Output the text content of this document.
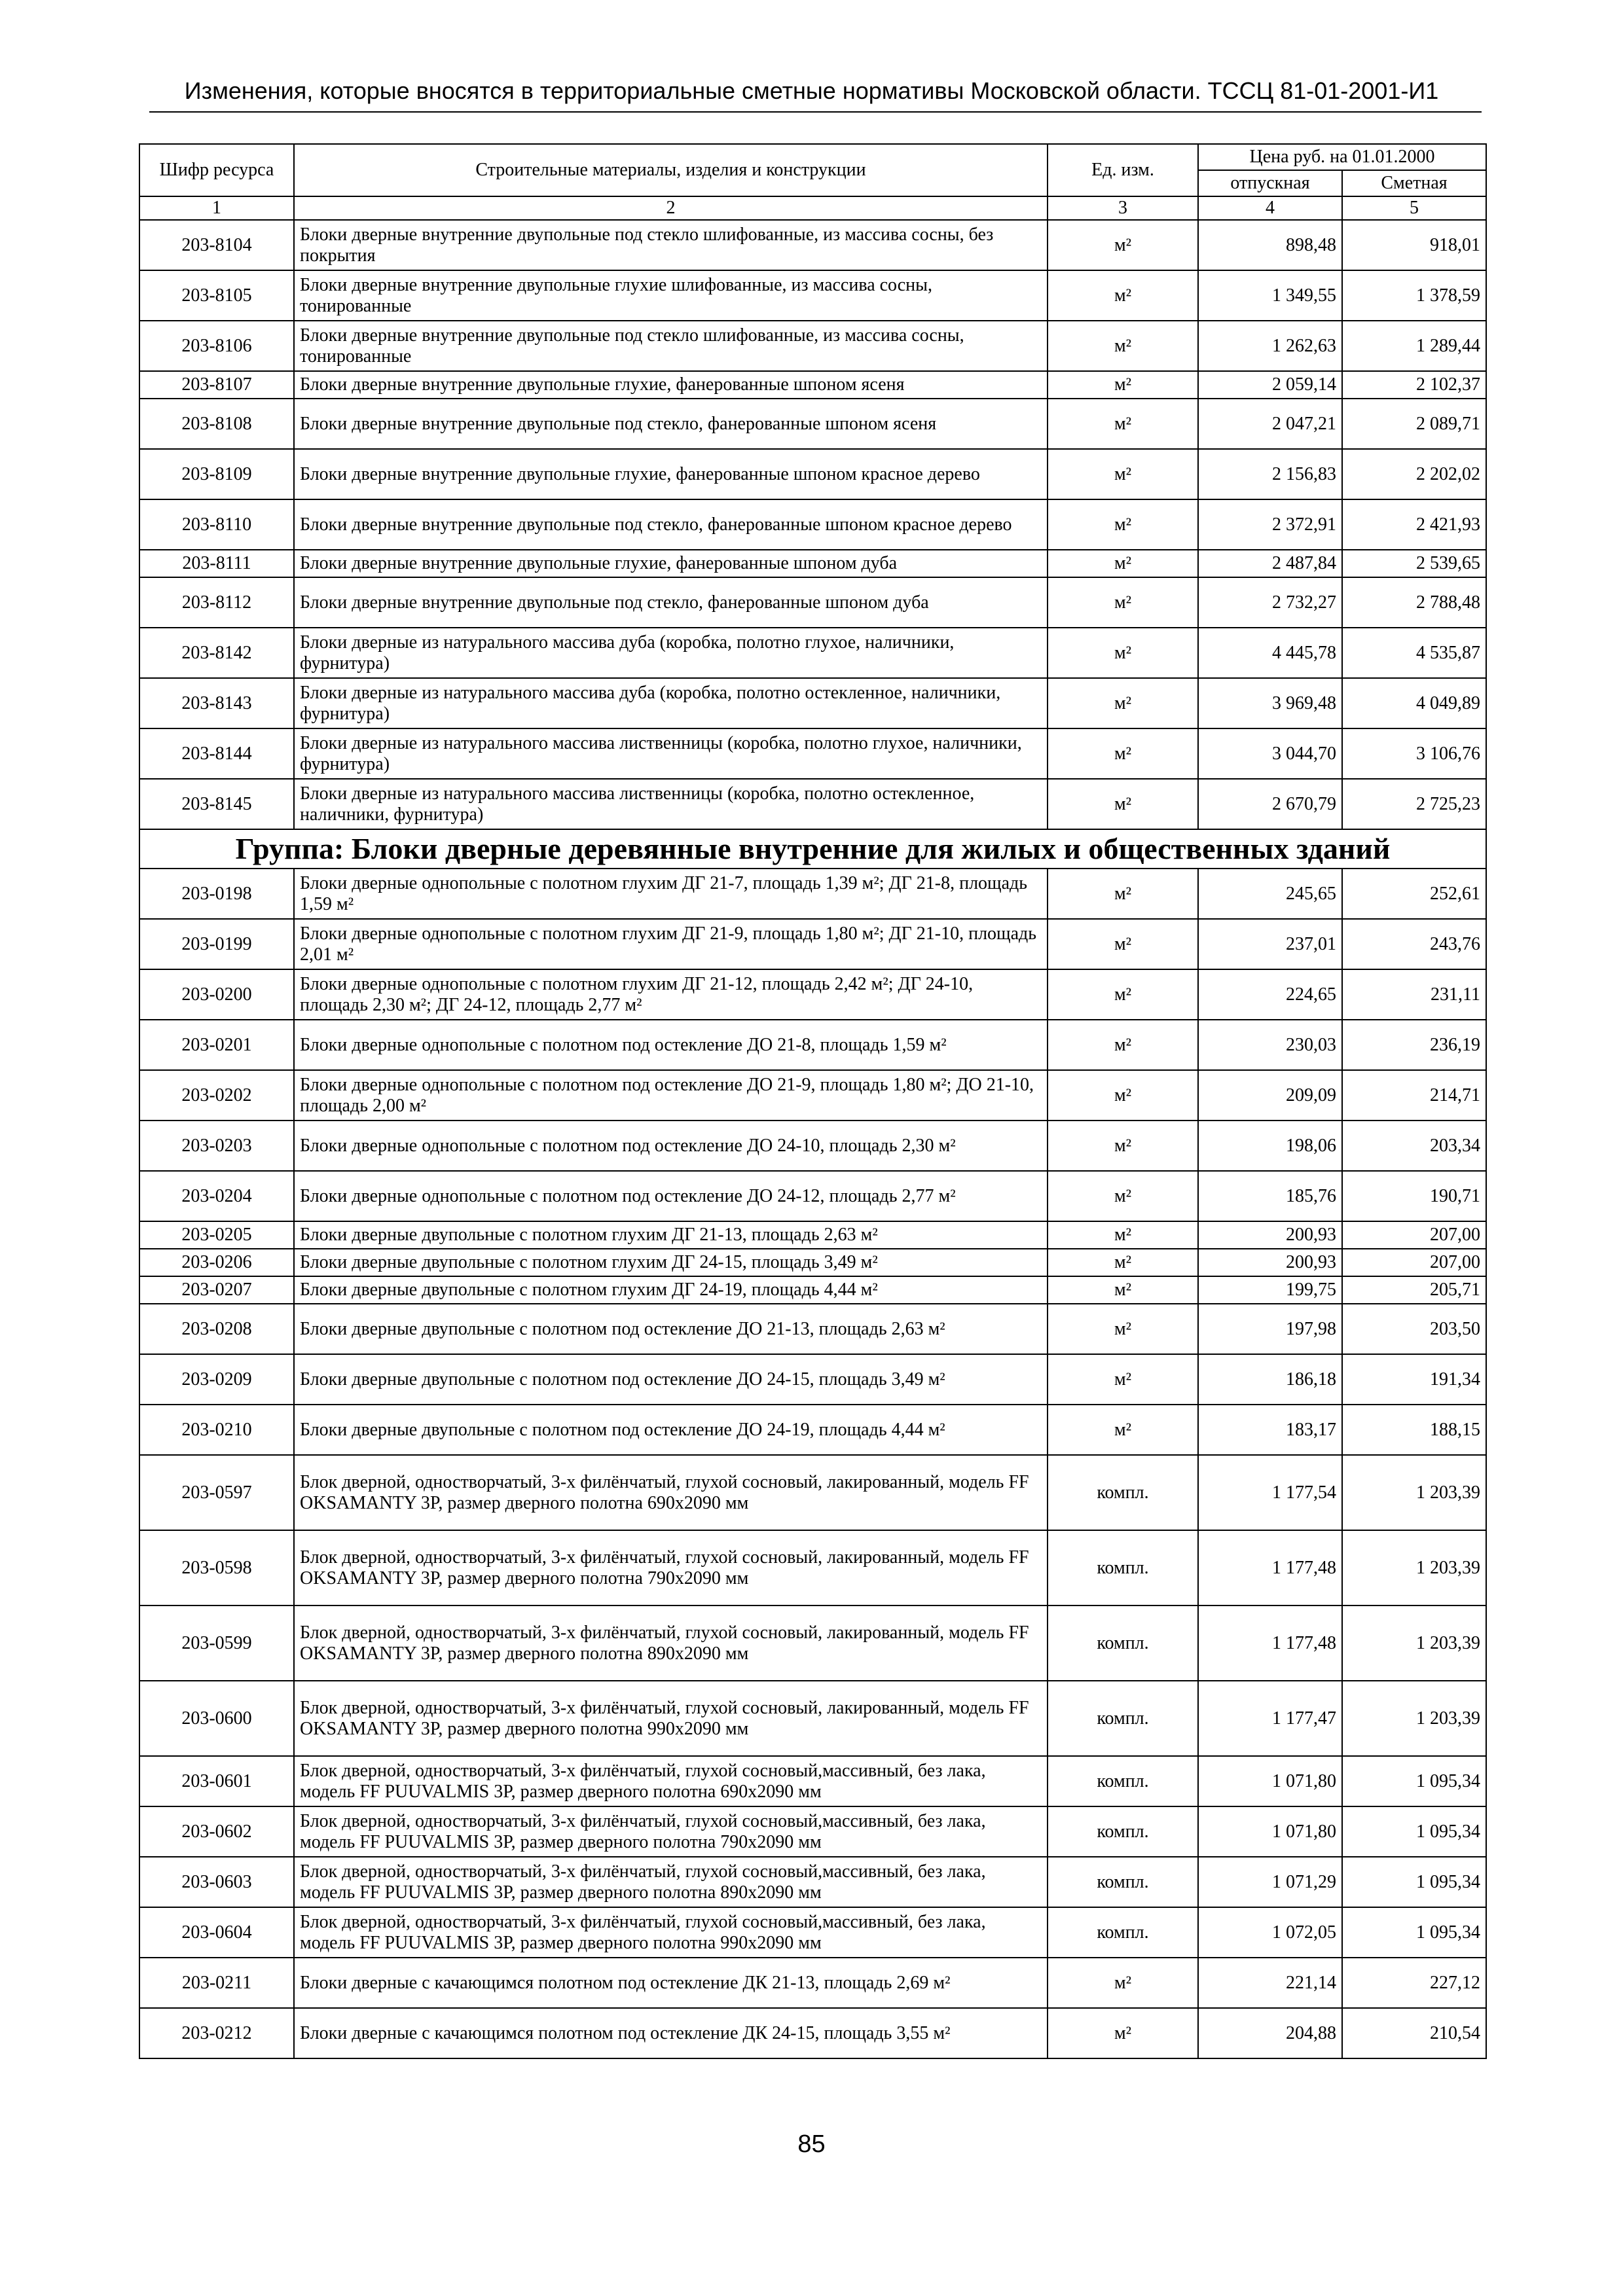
Изменения, которые вносятся в территориальные сметные нормативы Московской области. ТССЦ 81-01-2001-И1
Шифр ресурса	Строительные материалы, изделия и конструкции	Ед. изм.	Цена руб. на 01.01.2000	
			отпускная	Сметная
1	2	3	4	5
203-8104	Блоки дверные внутренние двупольные под стекло шлифованные, из массива сосны, без покрытия	м²	898,48	918,01
203-8105	Блоки дверные внутренние двупольные глухие шлифованные, из массива сосны, тонированные	м²	1 349,55	1 378,59
203-8106	Блоки дверные внутренние двупольные под стекло шлифованные, из массива сосны, тонированные	м²	1 262,63	1 289,44
203-8107	Блоки дверные внутренние двупольные глухие, фанерованные шпоном ясеня	м²	2 059,14	2 102,37
203-8108	Блоки дверные внутренние двупольные под стекло, фанерованные шпоном ясеня	м²	2 047,21	2 089,71
203-8109	Блоки дверные внутренние двупольные глухие, фанерованные шпоном красное дерево	м²	2 156,83	2 202,02
203-8110	Блоки дверные внутренние двупольные под стекло, фанерованные шпоном красное дерево	м²	2 372,91	2 421,93
203-8111	Блоки дверные внутренние двупольные глухие, фанерованные шпоном дуба	м²	2 487,84	2 539,65
203-8112	Блоки дверные внутренние двупольные под стекло, фанерованные шпоном дуба	м²	2 732,27	2 788,48
203-8142	Блоки дверные из натурального массива дуба (коробка, полотно глухое, наличники, фурнитура)	м²	4 445,78	4 535,87
203-8143	Блоки дверные из натурального массива дуба (коробка, полотно остекленное, наличники, фурнитура)	м²	3 969,48	4 049,89
203-8144	Блоки дверные из натурального массива лиственницы (коробка, полотно глухое, наличники, фурнитура)	м²	3 044,70	3 106,76
203-8145	Блоки дверные из натурального массива лиственницы (коробка, полотно остекленное, наличники, фурнитура)	м²	2 670,79	2 725,23
Группа: Блоки дверные деревянные внутренние для жилых и общественных зданий				
203-0198	Блоки дверные однопольные с полотном глухим ДГ 21-7, площадь 1,39 м²; ДГ 21-8, площадь 1,59 м²	м²	245,65	252,61
203-0199	Блоки дверные однопольные с полотном глухим ДГ 21-9, площадь 1,80 м²; ДГ 21-10, площадь 2,01 м²	м²	237,01	243,76
203-0200	Блоки дверные однопольные с полотном глухим ДГ 21-12, площадь 2,42 м²; ДГ 24-10, площадь 2,30 м²; ДГ 24-12, площадь 2,77 м²	м²	224,65	231,11
203-0201	Блоки дверные однопольные с полотном под остекление ДО 21-8, площадь 1,59 м²	м²	230,03	236,19
203-0202	Блоки дверные однопольные с полотном под остекление ДО 21-9, площадь 1,80 м²; ДО 21-10, площадь 2,00 м²	м²	209,09	214,71
203-0203	Блоки дверные однопольные с полотном под остекление ДО 24-10, площадь 2,30 м²	м²	198,06	203,34
203-0204	Блоки дверные однопольные с полотном под остекление ДО 24-12, площадь 2,77 м²	м²	185,76	190,71
203-0205	Блоки дверные двупольные с полотном глухим ДГ 21-13, площадь 2,63 м²	м²	200,93	207,00
203-0206	Блоки дверные двупольные с полотном глухим ДГ 24-15, площадь 3,49 м²	м²	200,93	207,00
203-0207	Блоки дверные двупольные с полотном глухим ДГ 24-19, площадь 4,44 м²	м²	199,75	205,71
203-0208	Блоки дверные двупольные с полотном под остекление ДО 21-13, площадь 2,63 м²	м²	197,98	203,50
203-0209	Блоки дверные двупольные с полотном под остекление ДО 24-15, площадь 3,49 м²	м²	186,18	191,34
203-0210	Блоки дверные двупольные с полотном под остекление ДО 24-19, площадь 4,44 м²	м²	183,17	188,15
203-0597	Блок дверной, одностворчатый, 3-х филёнчатый, глухой сосновый, лакированный, модель FF OKSAMANTY 3P, размер дверного полотна 690х2090 мм	компл.	1 177,54	1 203,39
203-0598	Блок дверной, одностворчатый, 3-х филёнчатый, глухой сосновый, лакированный, модель FF OKSAMANTY 3P, размер дверного полотна 790х2090 мм	компл.	1 177,48	1 203,39
203-0599	Блок дверной, одностворчатый, 3-х филёнчатый, глухой сосновый, лакированный, модель FF OKSAMANTY 3P, размер дверного полотна 890х2090 мм	компл.	1 177,48	1 203,39
203-0600	Блок дверной, одностворчатый, 3-х филёнчатый, глухой сосновый, лакированный, модель FF OKSAMANTY 3P, размер дверного полотна 990х2090 мм	компл.	1 177,47	1 203,39
203-0601	Блок дверной, одностворчатый, 3-х филёнчатый, глухой сосновый,массивный, без лака, модель FF PUUVALMIS 3P, размер дверного полотна 690х2090 мм	компл.	1 071,80	1 095,34
203-0602	Блок дверной, одностворчатый, 3-х филёнчатый, глухой сосновый,массивный, без лака, модель FF PUUVALMIS 3P, размер дверного полотна 790х2090 мм	компл.	1 071,80	1 095,34
203-0603	Блок дверной, одностворчатый, 3-х филёнчатый, глухой сосновый,массивный, без лака, модель FF PUUVALMIS 3P, размер дверного полотна 890х2090 мм	компл.	1 071,29	1 095,34
203-0604	Блок дверной, одностворчатый, 3-х филёнчатый, глухой сосновый,массивный, без лака, модель FF PUUVALMIS 3P, размер дверного полотна 990х2090 мм	компл.	1 072,05	1 095,34
203-0211	Блоки дверные с качающимся полотном под остекление ДК 21-13, площадь 2,69 м²	м²	221,14	227,12
203-0212	Блоки дверные с качающимся полотном под остекление ДК 24-15, площадь 3,55 м²	м²	204,88	210,54
85
